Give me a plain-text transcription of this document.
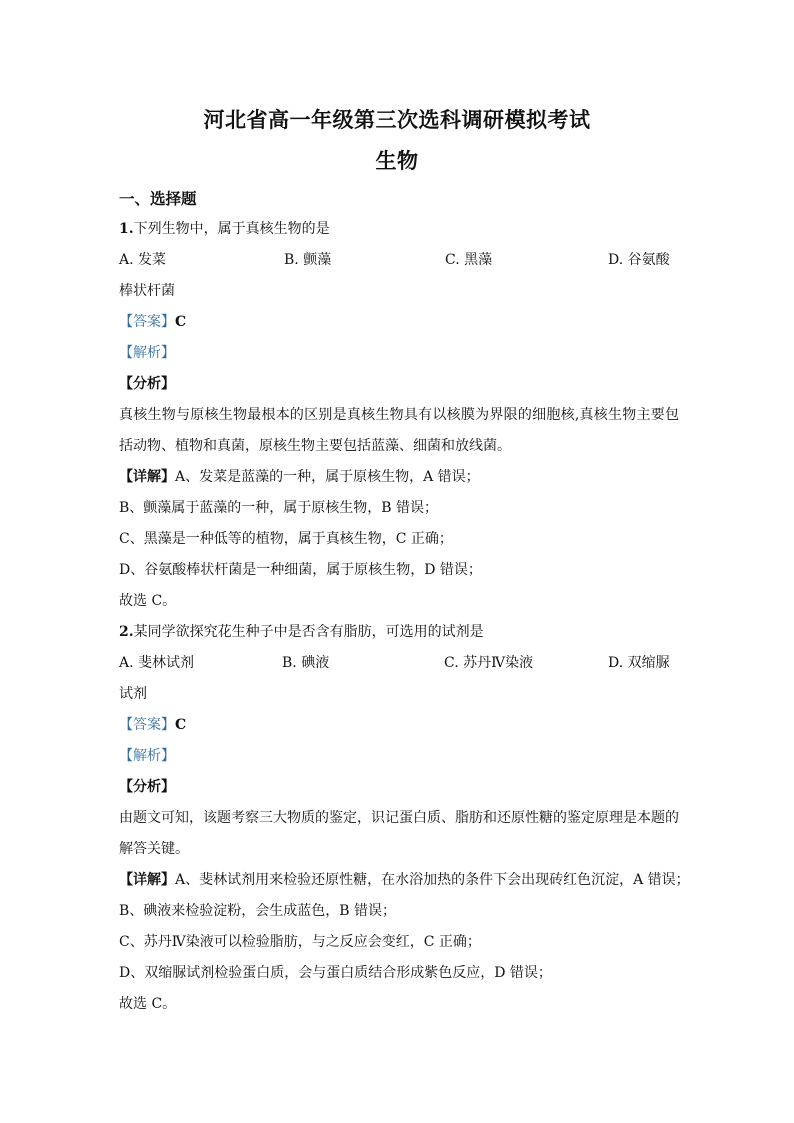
河北省高一年级第三次选科调研模拟考试
生物
一、选择题
1.下列生物中，属于真核生物的是
A. 发菜	B. 颤藻	C. 黑藻	D. 谷氨酸
棒状杆菌
【答案】C
【解析】
【分析】
真核生物与原核生物最根本的区别是真核生物具有以核膜为界限的细胞核,真核生物主要包括动物、植物和真菌，原核生物主要包括蓝藻、细菌和放线菌。
【详解】A、发菜是蓝藻的一种，属于原核生物，A 错误；
B、颤藻属于蓝藻的一种，属于原核生物，B 错误；
C、黑藻是一种低等的植物，属于真核生物，C 正确；
D、谷氨酸棒状杆菌是一种细菌，属于原核生物，D 错误；
故选 C。
2.某同学欲探究花生种子中是否含有脂肪，可选用的试剂是
A. 斐林试剂	B. 碘液	C. 苏丹Ⅳ染液	D. 双缩脲
试剂
【答案】C
【解析】
【分析】
由题文可知，该题考察三大物质的鉴定，识记蛋白质、脂肪和还原性糖的鉴定原理是本题的解答关键。
【详解】A、斐林试剂用来检验还原性糖，在水浴加热的条件下会出现砖红色沉淀，A 错误；
B、碘液来检验淀粉，会生成蓝色，B 错误；
C、苏丹Ⅳ染液可以检验脂肪，与之反应会变红，C 正确；
D、双缩脲试剂检验蛋白质，会与蛋白质结合形成紫色反应，D 错误；
故选 C。
